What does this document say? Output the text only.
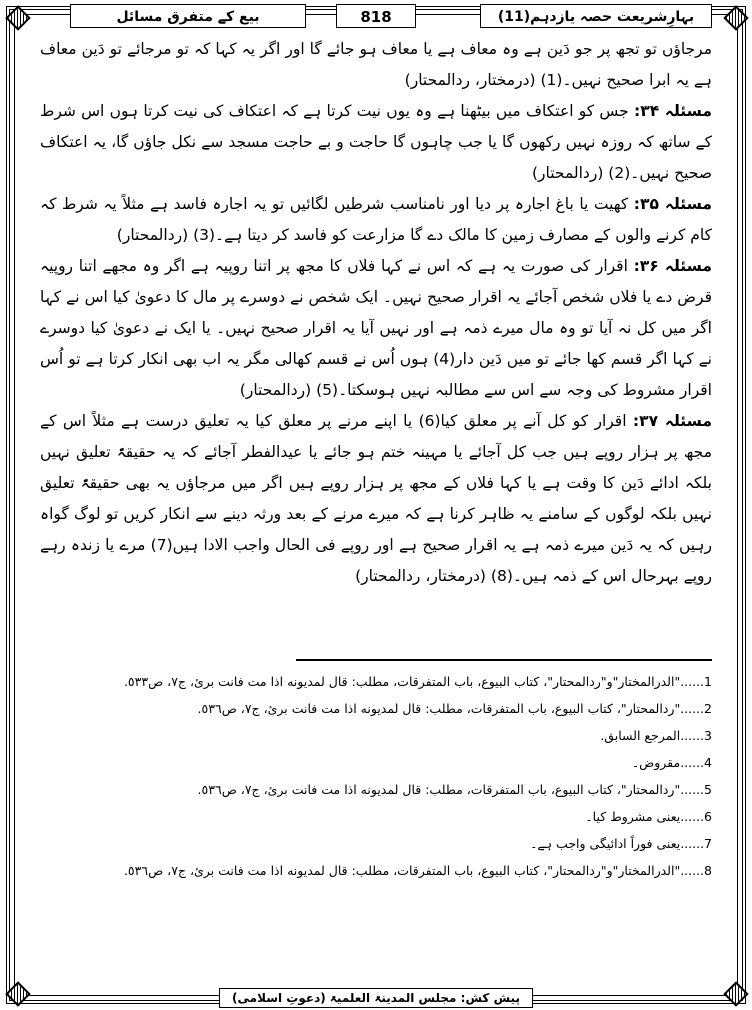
بہارِشریعت حصہ یازدہم(11)
818
بیع کے متفرق مسائل

مرجاؤں تو تجھ پر جو دَین ہے وہ معاف ہے یا معاف ہو جائے گا اور اگر یہ کہا کہ تو مرجائے تو دَین معاف ہے یہ ابرا صحیح نہیں۔(1) (درمختار، ردالمحتار)

مسئلہ ۳۴: جس کو اعتکاف میں بیٹھنا ہے وہ یوں نیت کرتا ہے کہ اعتکاف کی نیت کرتا ہوں اس شرط کے ساتھ کہ روزہ نہیں رکھوں گا یا جب چاہوں گا حاجت و بے حاجت مسجد سے نکل جاؤں گا، یہ اعتکاف صحیح نہیں۔(2) (ردالمحتار)

مسئلہ ۳۵: کھیت یا باغ اجارہ پر دیا اور نامناسب شرطیں لگائیں تو یہ اجارہ فاسد ہے مثلاً یہ شرط کہ کام کرنے والوں کے مصارف زمین کا مالک دے گا مزارعت کو فاسد کر دیتا ہے۔(3) (ردالمحتار)

مسئلہ ۳۶: اقرار کی صورت یہ ہے کہ اس نے کہا فلاں کا مجھ پر اتنا روپیہ ہے اگر وہ مجھے اتنا روپیہ قرض دے یا فلاں شخص آجائے یہ اقرار صحیح نہیں۔ ایک شخص نے دوسرے پر مال کا دعویٰ کیا اس نے کہا اگر میں کل نہ آیا تو وہ مال میرے ذمہ ہے اور نہیں آیا یہ اقرار صحیح نہیں۔ یا ایک نے دعویٰ کیا دوسرے نے کہا اگر قسم کھا جائے تو میں دَین دار(4) ہوں اُس نے قسم کھالی مگر یہ اب بھی انکار کرتا ہے تو اُس اقرار مشروط کی وجہ سے اس سے مطالبہ نہیں ہوسکتا۔(5) (ردالمحتار)

مسئلہ ۳۷: اقرار کو کل آنے پر معلق کیا(6) یا اپنے مرنے پر معلق کیا یہ تعلیق درست ہے مثلاً اس کے مجھ پر ہزار روپے ہیں جب کل آجائے یا مہینہ ختم ہو جائے یا عیدالفطر آجائے کہ یہ حقیقۃً تعلیق نہیں بلکہ ادائے دَین کا وقت ہے یا کہا فلاں کے مجھ پر ہزار روپے ہیں اگر میں مرجاؤں یہ بھی حقیقۃً تعلیق نہیں بلکہ لوگوں کے سامنے یہ ظاہر کرنا ہے کہ میرے مرنے کے بعد ورثہ دینے سے انکار کریں تو لوگ گواہ رہیں کہ یہ دَین میرے ذمہ ہے یہ اقرار صحیح ہے اور روپے فی الحال واجب الادا ہیں(7) مرے یا زندہ رہے روپے بہرحال اس کے ذمہ ہیں۔(8) (درمختار، ردالمحتار)

1......"الدرالمختار"و"ردالمحتار"، كتاب البيوع، باب المتفرقات، مطلب: قال لمديونه اذا مت فانت برئ، ج٧، ص٥٣٣.

2......"ردالمحتار"، كتاب البيوع، باب المتفرقات، مطلب: قال لمديونه اذا مت فانت برئ، ج٧، ص٥٣٦.

3......المرجع السابق.

4......مقروض۔

5......"ردالمحتار"، كتاب البيوع، باب المتفرقات، مطلب: قال لمديونه اذا مت فانت برئ، ج٧، ص٥٣٦.

6......یعنی مشروط کیا۔

7......یعنی فوراً ادائیگی واجب ہے۔

8......"الدرالمختار"و"ردالمحتار"، كتاب البيوع، باب المتفرقات، مطلب: قال لمديونه اذا مت فانت برئ، ج٧، ص٥٣٦.

پیش کش: مجلس المدینۃ العلمیۃ (دعوتِ اسلامی)
